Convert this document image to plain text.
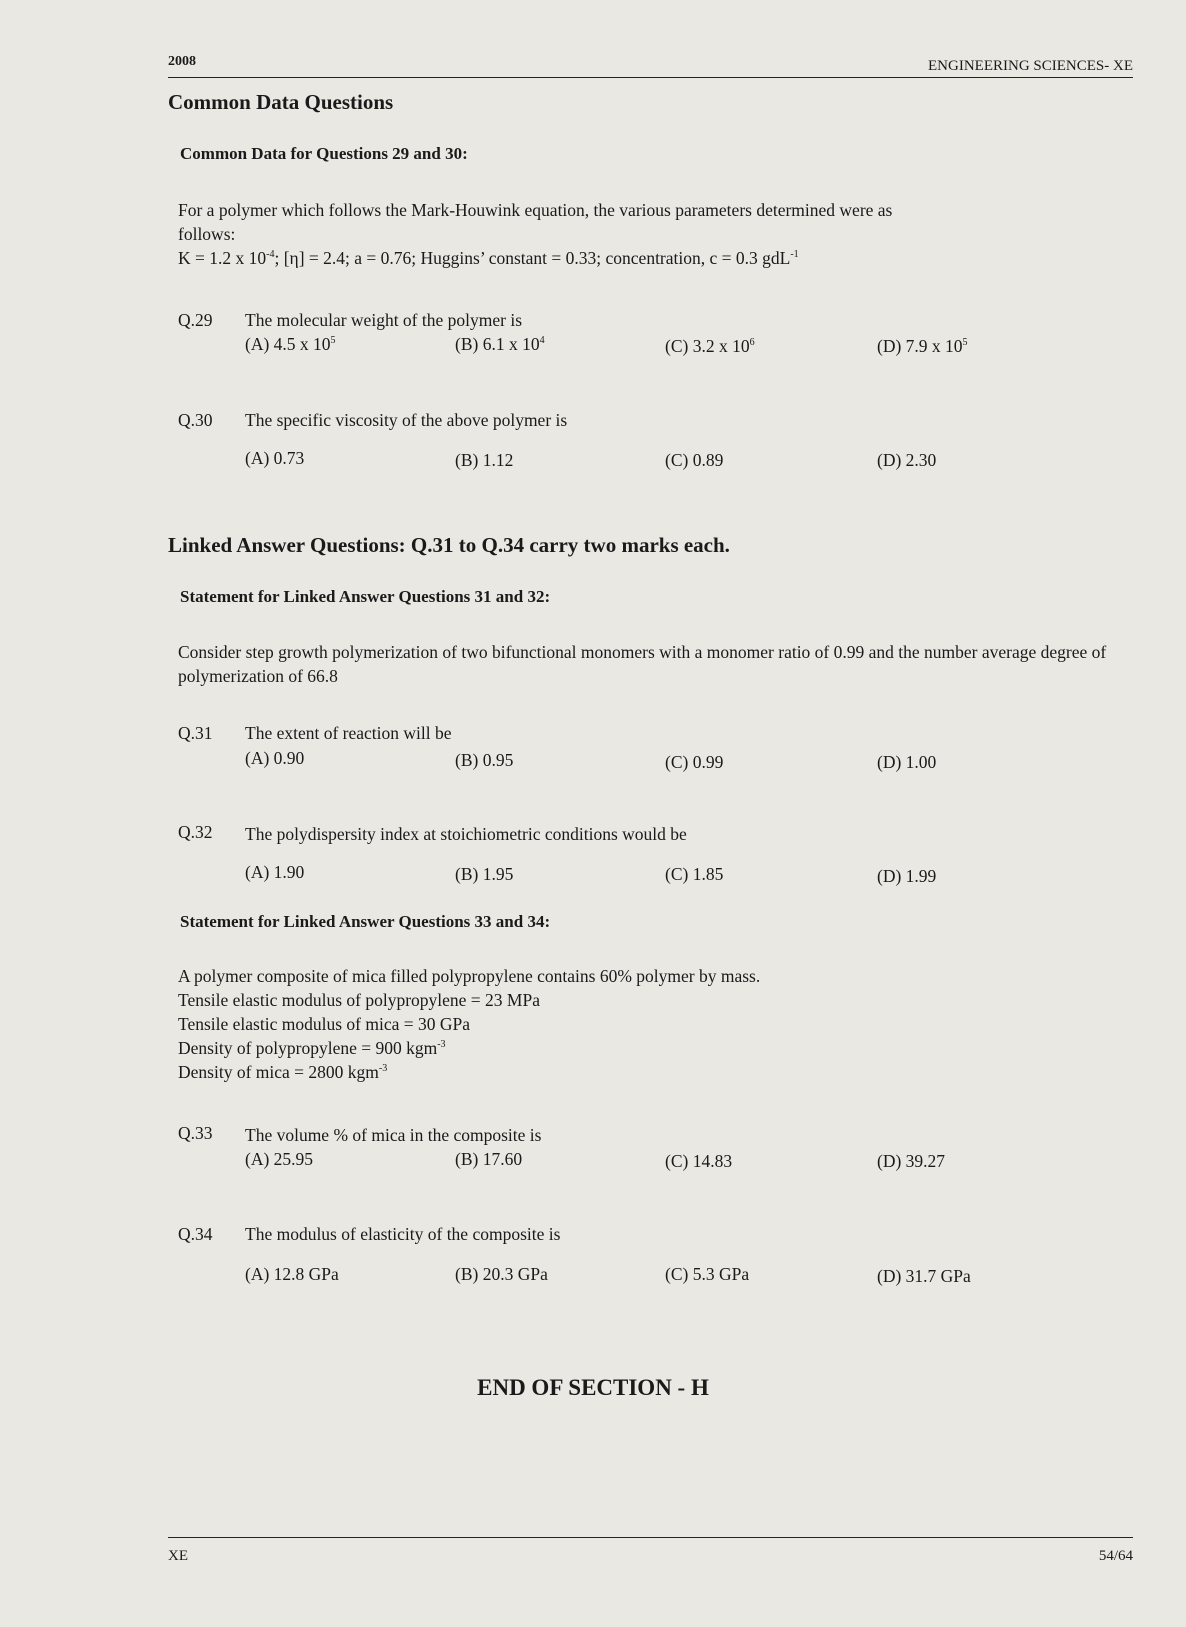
2008	ENGINEERING SCIENCES- XE
Common Data Questions
Common Data for Questions 29 and 30:

For a polymer which follows the Mark-Houwink equation, the various parameters determined were as

follows:

K = 1.2 x $10^{-4}$; [η] = 2.4; a = 0.76; Huggins’ constant = 0.33; concentration, c = 0.3 gdL$^{-1}$

Q.29 The molecular weight of the polymer is
(A) 4.5 x $10^5$	(B) 6.1 x $10^4$	(C) 3.2 x $10^6$	(D) 7.9 x $10^5$
Q.30 The specific viscosity of the above polymer is
(A) 0.73	(B) 1.12	(C) 0.89	(D) 2.30
Linked Answer Questions: Q.31 to Q.34 carry two marks each.
Statement for Linked Answer Questions 31 and 32:
Consider step growth polymerization of two bifunctional monomers with a monomer ratio of 0.99 and the number average degree of polymerization of 66.8
Q.31 The extent of reaction will be
(A) 0.90	(B) 0.95	(C) 0.99	(D) 1.00
Q.32 The polydispersity index at stoichiometric conditions would be
(A) 1.90	(B) 1.95	(C) 1.85	(D) 1.99
Statement for Linked Answer Questions 33 and 34:

A polymer composite of mica filled polypropylene contains 60% polymer by mass.

Tensile elastic modulus of polypropylene = 23 MPa

Tensile elastic modulus of mica = 30 GPa

Density of polypropylene = 900 kgm$^{-3}$

Density of mica = 2800 kgm$^{-3}$

Q.33 The volume % of mica in the composite is
(A) 25.95	(B) 17.60	(C) 14.83	(D) 39.27
Q.34 The modulus of elasticity of the composite is
(A) 12.8 GPa	(B) 20.3 GPa	(C) 5.3 GPa	(D) 31.7 GPa
END OF SECTION - H
XE	54/64
